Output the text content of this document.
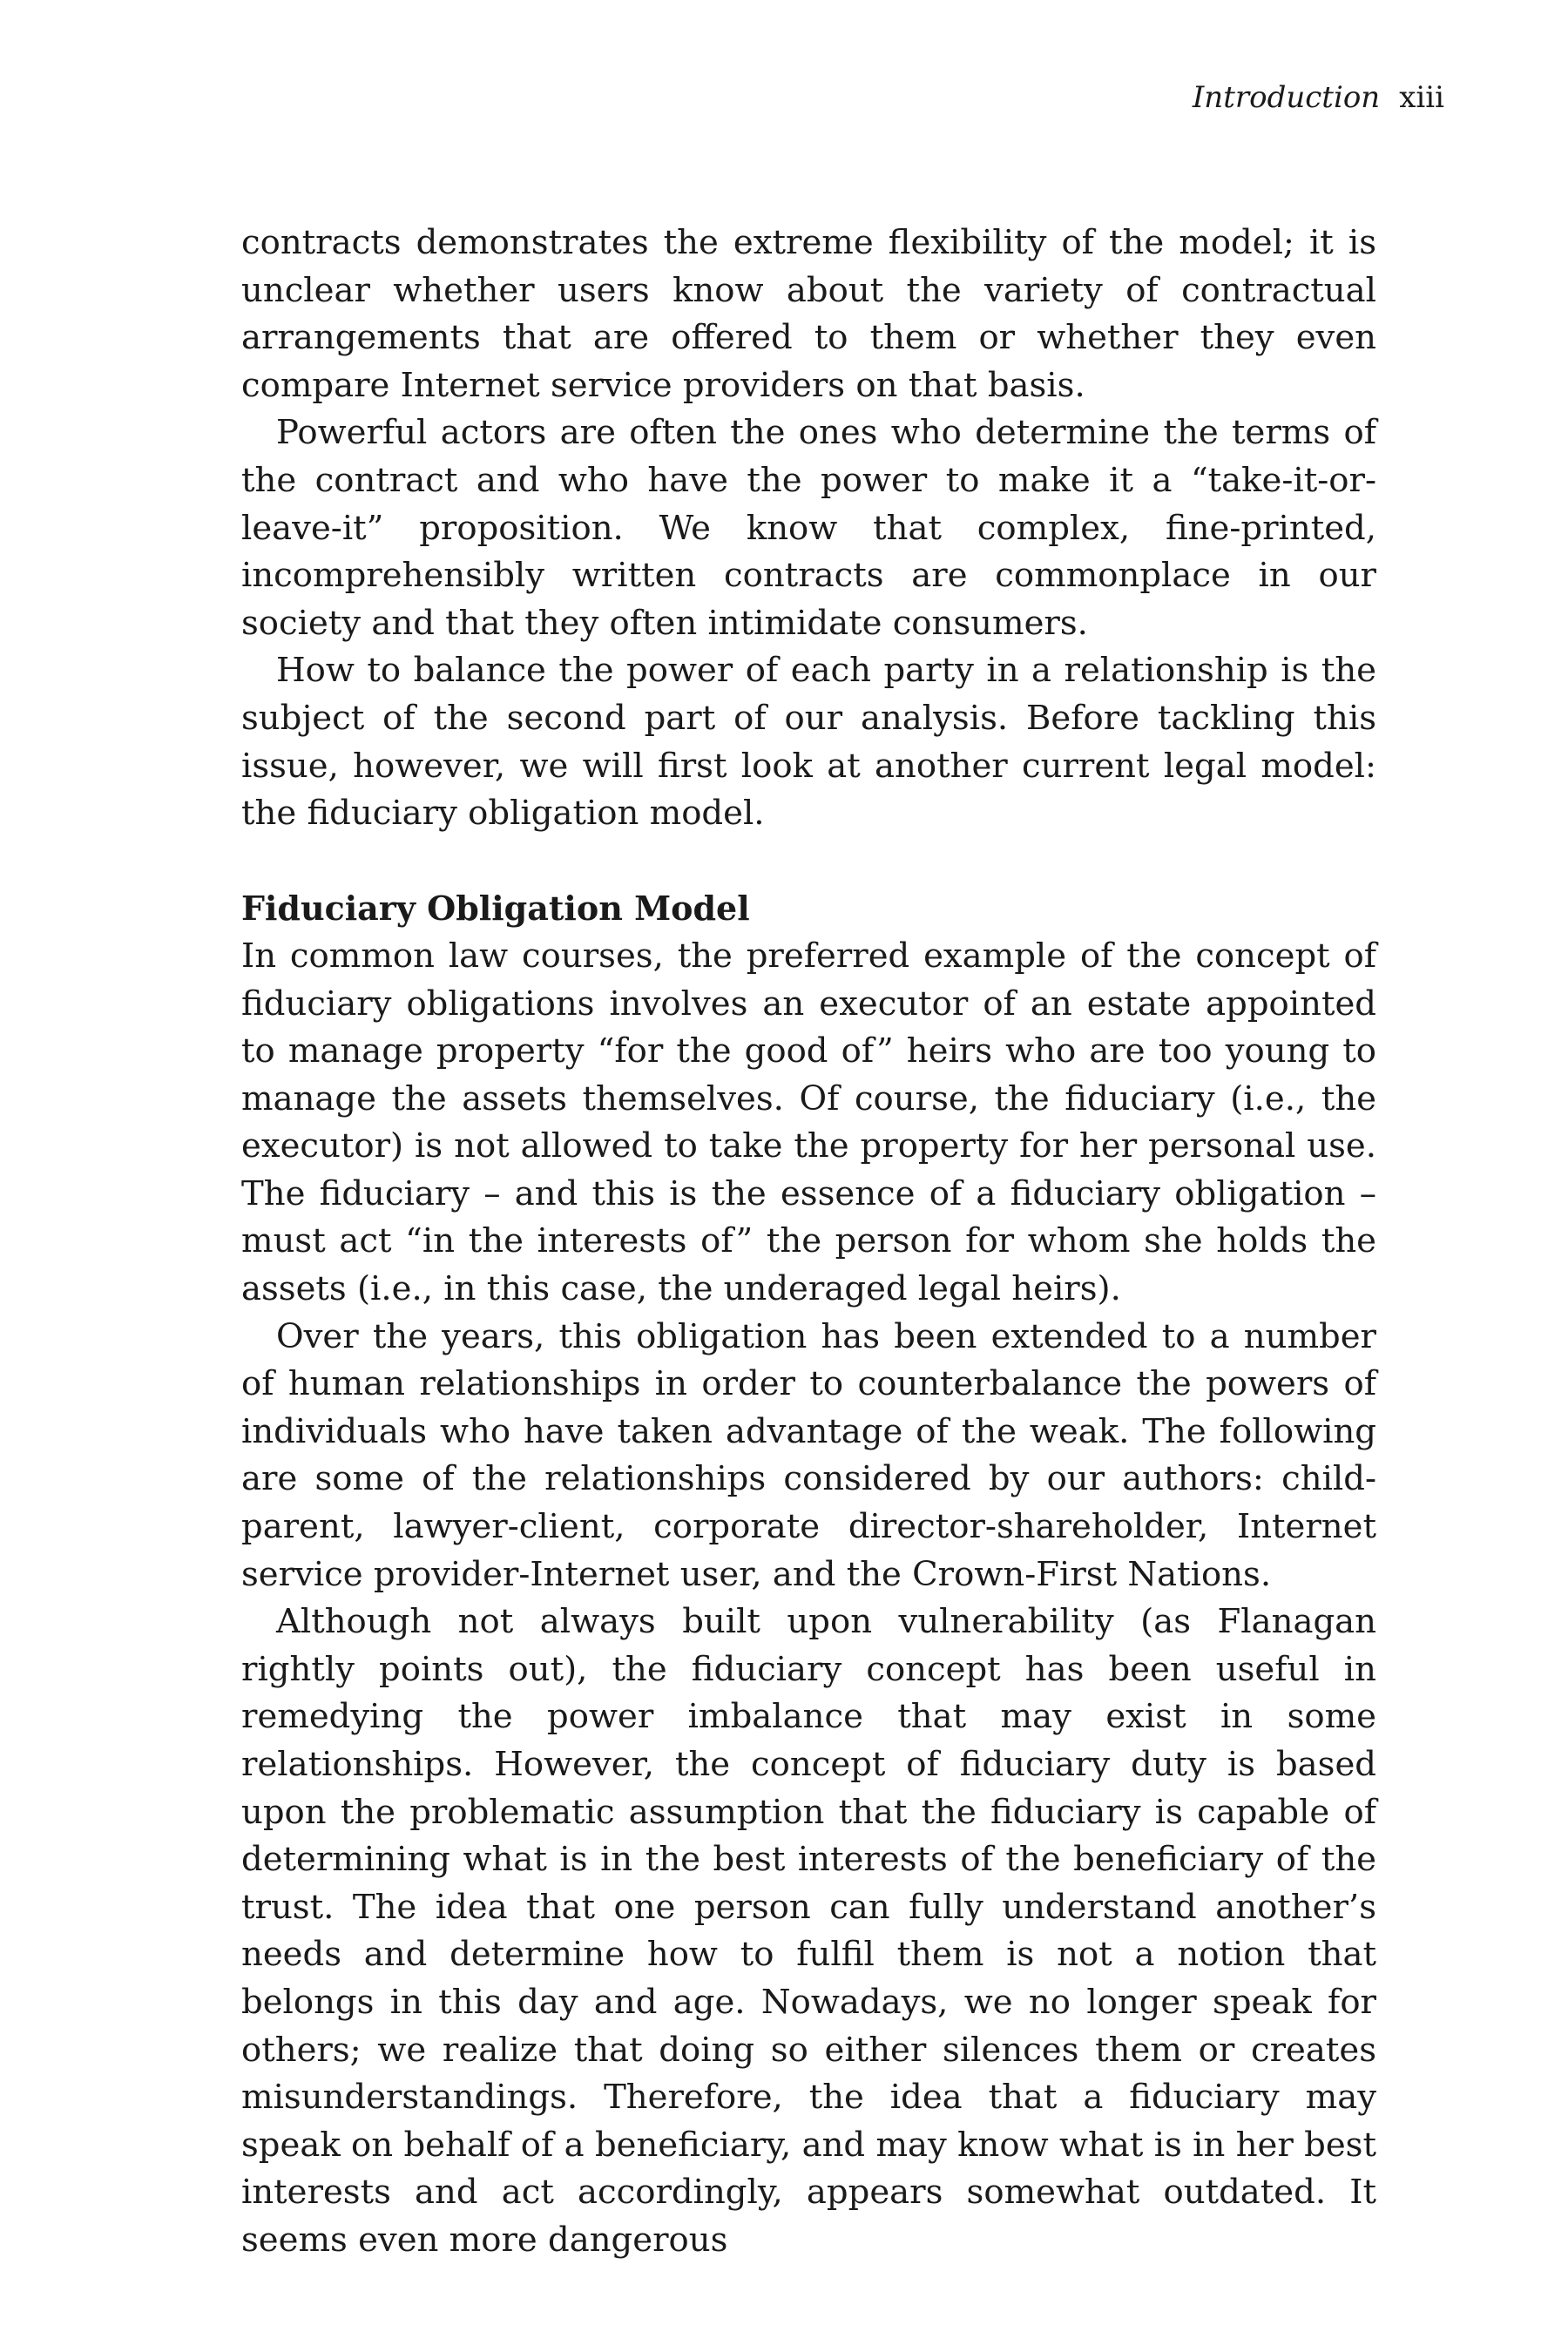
Introduction xiii

contracts demonstrates the extreme flexibility of the model; it is unclear whether users know about the variety of contractual arrangements that are offered to them or whether they even compare Internet service providers on that basis.

Powerful actors are often the ones who determine the terms of the contract and who have the power to make it a “take-it-or-leave-it” proposition. We know that complex, fine-printed, incomprehensibly written contracts are commonplace in our society and that they often intimidate consumers.

How to balance the power of each party in a relationship is the subject of the second part of our analysis. Before tackling this issue, however, we will first look at another current legal model: the fiduciary obligation model.

Fiduciary Obligation Model

In common law courses, the preferred example of the concept of fiduciary obligations involves an executor of an estate appointed to manage property “for the good of” heirs who are too young to manage the assets themselves. Of course, the fiduciary (i.e., the executor) is not allowed to take the property for her personal use. The fiduciary – and this is the essence of a fiduciary obligation – must act “in the interests of” the person for whom she holds the assets (i.e., in this case, the underaged legal heirs).

Over the years, this obligation has been extended to a number of human relationships in order to counterbalance the powers of individuals who have taken advantage of the weak. The following are some of the relationships considered by our authors: child-parent, lawyer-client, corporate director-shareholder, Internet service provider-Internet user, and the Crown-First Nations.

Although not always built upon vulnerability (as Flanagan rightly points out), the fiduciary concept has been useful in remedying the power imbalance that may exist in some relationships. However, the concept of fiduciary duty is based upon the problematic assumption that the fiduciary is capable of determining what is in the best interests of the beneficiary of the trust. The idea that one person can fully understand another’s needs and determine how to fulfil them is not a notion that belongs in this day and age. Nowadays, we no longer speak for others; we realize that doing so either silences them or creates misunderstandings. Therefore, the idea that a fiduciary may speak on behalf of a beneficiary, and may know what is in her best interests and act accordingly, appears somewhat outdated. It seems even more dangerous
